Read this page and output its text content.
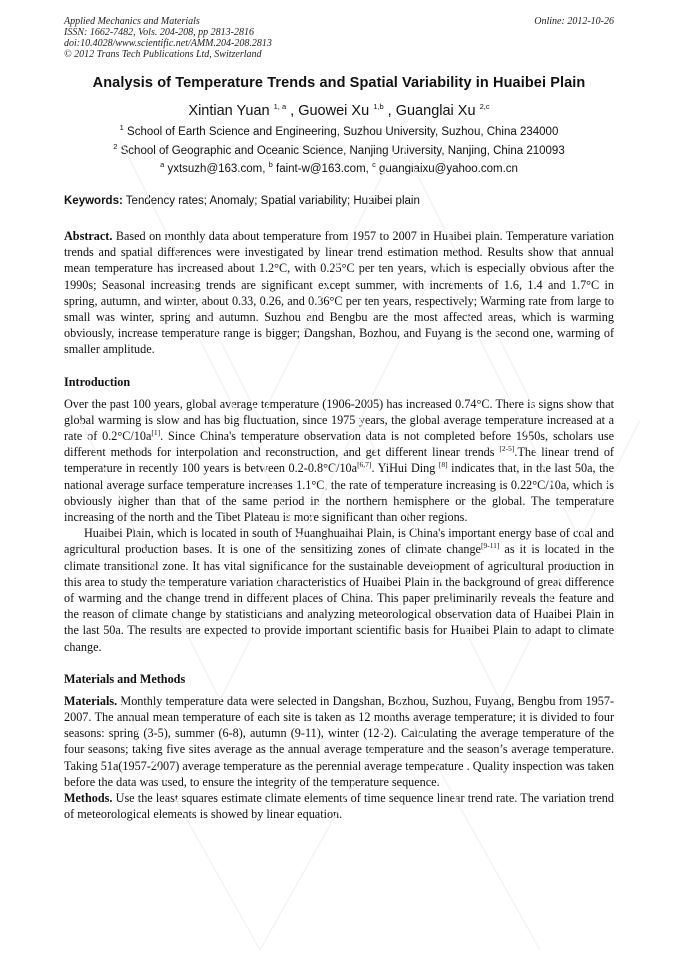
Applied Mechanics and Materials
ISSN: 1662-7482, Vols. 204-208, pp 2813-2816
doi:10.4028/www.scientific.net/AMM.204-208.2813
© 2012 Trans Tech Publications Ltd, Switzerland
Online: 2012-10-26
Analysis of Temperature Trends and Spatial Variability in Huaibei Plain
Xintian Yuan $^{1, a}$ , Guowei Xu $^{1,b}$ , Guanglai Xu $^{2,c}$
$^1$ School of Earth Science and Engineering, Suzhou University, Suzhou, China 234000
$^2$ School of Geographic and Oceanic Science, Nanjing University, Nanjing, China 210093
$^a$ yxtsuzh@163.com, $^b$ faint-w@163.com, $^c$ guanglaixu@yahoo.com.cn
Keywords: Tendency rates; Anomaly; Spatial variability; Huaibei plain

Abstract. Based on monthly data about temperature from 1957 to 2007 in Huaibei plain. Temperature variation trends and spatial differences were investigated by linear trend estimation method. Results show that annual mean temperature has increased about 1.2°C, with 0.25°C per ten years, which is especially obvious after the 1990s; Seasonal increasing trends are significant except summer, with increments of 1.6, 1.4 and 1.7°C in spring, autumn, and winter, about 0.33, 0.26, and 0.36°C per ten years, respectively; Warming rate from large to small was winter, spring and autumn. Suzhou and Bengbu are the most affected areas, which is warming obviously, increase temperature range is bigger; Dangshan, Bozhou, and Fuyang is the second one, warming of smaller amplitude.

Introduction

Over the past 100 years, global average temperature (1906-2005) has increased 0.74°C. There is signs show that global warming is slow and has big fluctuation, since 1975 years, the global average temperature increased at a rate of 0.2°C/10a[1]. Since China's temperature observation data is not completed before 1950s, scholars use different methods for interpolation and reconstruction, and get different linear trends [2-5].The linear trend of temperature in recently 100 years is between 0.2-0.8°C/10a[6,7]. YiHui Ding [8] indicates that, in the last 50a, the national average surface temperature increases 1.1°C, the rate of temperature increasing is 0.22°C/10a, which is obviously higher than that of the same period in the northern hemisphere or the global. The temperature increasing of the north and the Tibet Plateau is more significant than other regions.

Huaibei Plain, which is located in south of Huanghuaihai Plain, is China's important energy base of coal and agricultural production bases. It is one of the sensitizing zones of climate change[9-11] as it is located in the climate transitional zone. It has vital significance for the sustainable development of agricultural production in this area to study the temperature variation characteristics of Huaibei Plain in the background of great difference of warming and the change trend in different places of China. This paper preliminarily reveals the feature and the reason of climate change by statisticians and analyzing meteorological observation data of Huaibei Plain in the last 50a. The results are expected to provide important scientific basis for Huaibei Plain to adapt to climate change.

Materials and Methods

Materials. Monthly temperature data were selected in Dangshan, Bozhou, Suzhou, Fuyang, Bengbu from 1957-2007. The annual mean temperature of each site is taken as 12 months average temperature; it is divided to four seasons: spring (3-5), summer (6-8), autumn (9-11), winter (12-2). Calculating the average temperature of the four seasons; taking five sites average as the annual average temperature and the season’s average temperature. Taking 51a(1957-2007) average temperature as the perennial average temperature . Quality inspection was taken before the data was used, to ensure the integrity of the temperature sequence.

Methods. Use the least squares estimate climate elements of time sequence linear trend rate. The variation trend of meteorological elements is showed by linear equation.
